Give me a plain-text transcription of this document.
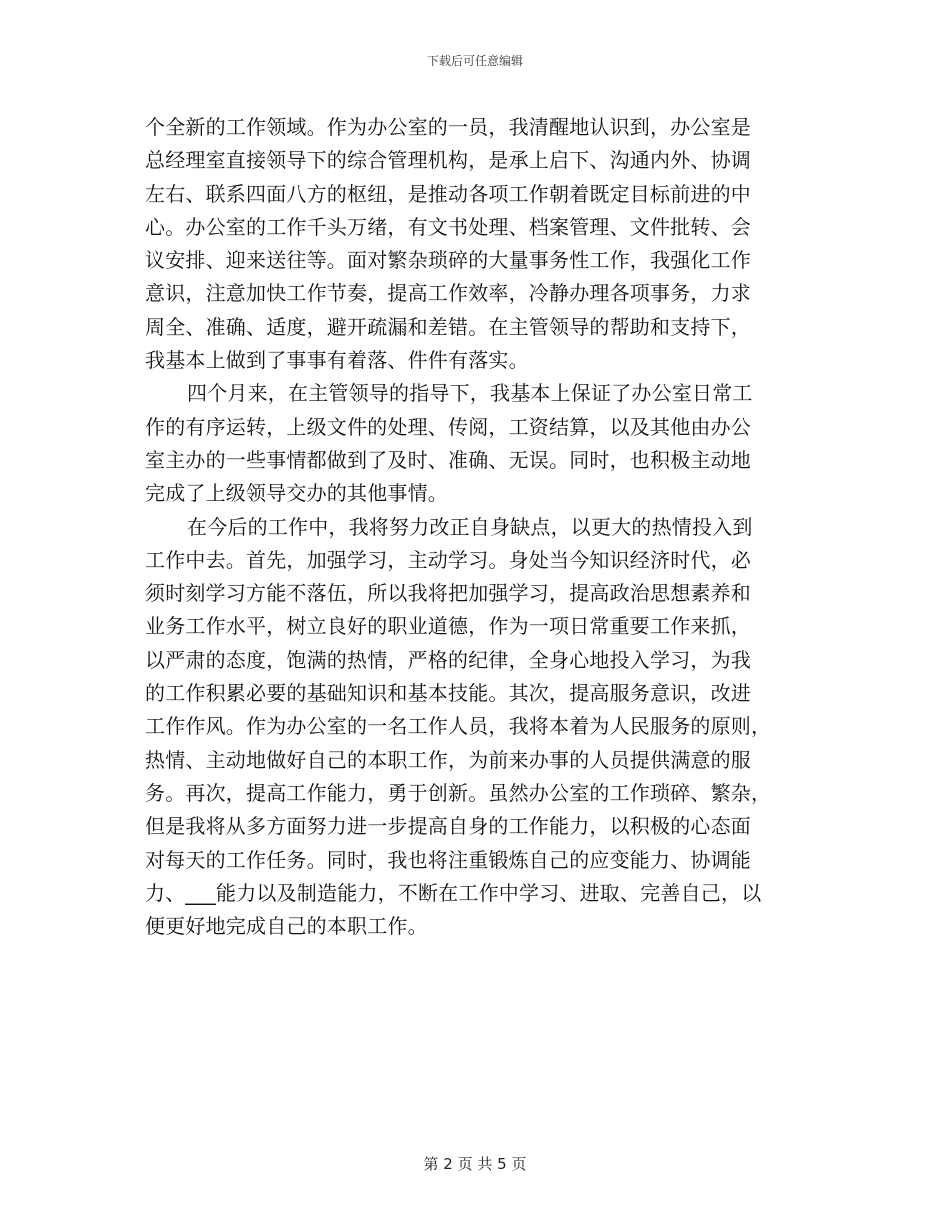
下载后可任意编辑
个全新的工作领域。作为办公室的一员，我清醒地认识到，办公室是
总经理室直接领导下的综合管理机构，是承上启下、沟通内外、协调
左右、联系四面八方的枢纽，是推动各项工作朝着既定目标前进的中
心。办公室的工作千头万绪，有文书处理、档案管理、文件批转、会
议安排、迎来送往等。面对繁杂琐碎的大量事务性工作，我强化工作
意识，注意加快工作节奏，提高工作效率，冷静办理各项事务，力求
周全、准确、适度，避开疏漏和差错。在主管领导的帮助和支持下，
我基本上做到了事事有着落、件件有落实。
四个月来，在主管领导的指导下，我基本上保证了办公室日常工
作的有序运转，上级文件的处理、传阅，工资结算，以及其他由办公
室主办的一些事情都做到了及时、准确、无误。同时，也积极主动地
完成了上级领导交办的其他事情。
在今后的工作中，我将努力改正自身缺点，以更大的热情投入到
工作中去。首先，加强学习，主动学习。身处当今知识经济时代，必
须时刻学习方能不落伍，所以我将把加强学习，提高政治思想素养和
业务工作水平，树立良好的职业道德，作为一项日常重要工作来抓，
以严肃的态度，饱满的热情，严格的纪律，全身心地投入学习，为我
的工作积累必要的基础知识和基本技能。其次，提高服务意识，改进
工作作风。作为办公室的一名工作人员，我将本着为人民服务的原则，
热情、主动地做好自己的本职工作，为前来办事的人员提供满意的服
务。再次，提高工作能力，勇于创新。虽然办公室的工作琐碎、繁杂，
但是我将从多方面努力进一步提高自身的工作能力，以积极的心态面
对每天的工作任务。同时，我也将注重锻炼自己的应变能力、协调能
力、___能力以及制造能力，不断在工作中学习、进取、完善自己，以
便更好地完成自己的本职工作。
第 2 页 共 5 页
